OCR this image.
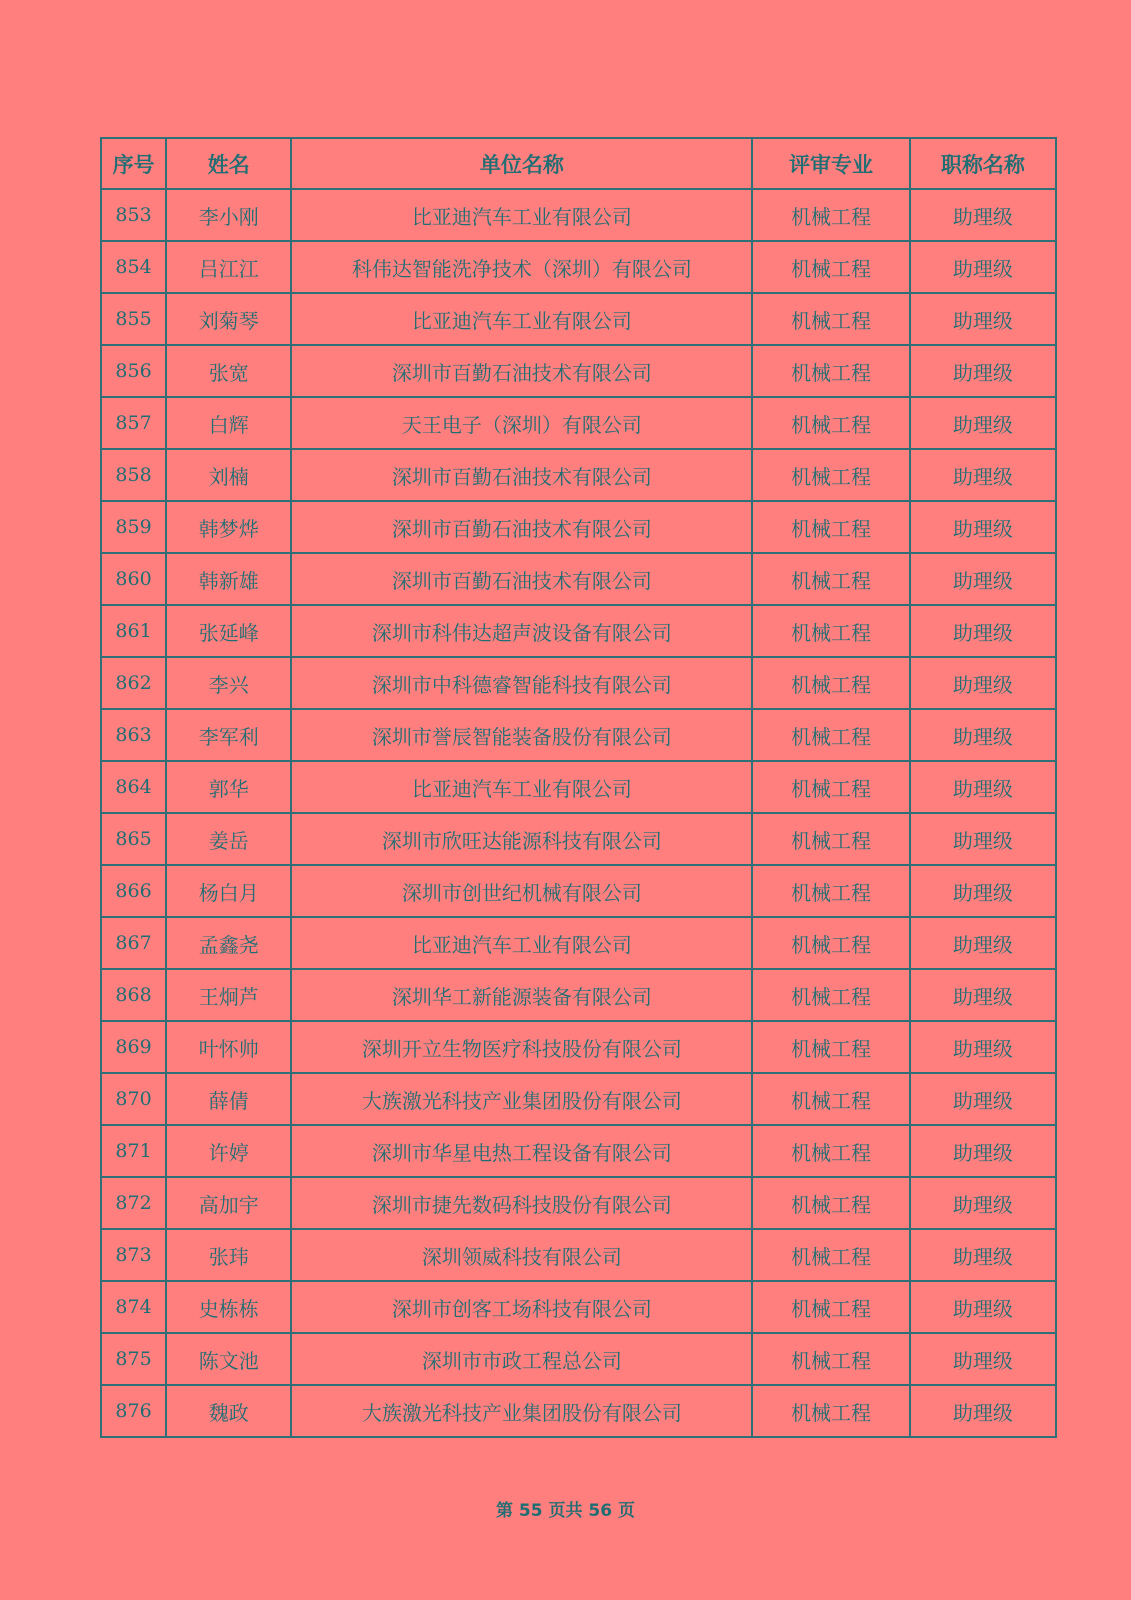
序号	姓名	单位名称	评审专业	职称名称
853	李小刚	比亚迪汽车工业有限公司	机械工程	助理级
854	吕江江	科伟达智能洗净技术（深圳）有限公司	机械工程	助理级
855	刘菊琴	比亚迪汽车工业有限公司	机械工程	助理级
856	张宽	深圳市百勤石油技术有限公司	机械工程	助理级
857	白辉	天王电子（深圳）有限公司	机械工程	助理级
858	刘楠	深圳市百勤石油技术有限公司	机械工程	助理级
859	韩梦烨	深圳市百勤石油技术有限公司	机械工程	助理级
860	韩新雄	深圳市百勤石油技术有限公司	机械工程	助理级
861	张延峰	深圳市科伟达超声波设备有限公司	机械工程	助理级
862	李兴	深圳市中科德睿智能科技有限公司	机械工程	助理级
863	李军利	深圳市誉辰智能装备股份有限公司	机械工程	助理级
864	郭华	比亚迪汽车工业有限公司	机械工程	助理级
865	姜岳	深圳市欣旺达能源科技有限公司	机械工程	助理级
866	杨白月	深圳市创世纪机械有限公司	机械工程	助理级
867	孟鑫尧	比亚迪汽车工业有限公司	机械工程	助理级
868	王炯芦	深圳华工新能源装备有限公司	机械工程	助理级
869	叶怀帅	深圳开立生物医疗科技股份有限公司	机械工程	助理级
870	薛倩	大族激光科技产业集团股份有限公司	机械工程	助理级
871	许婷	深圳市华星电热工程设备有限公司	机械工程	助理级
872	高加宇	深圳市捷先数码科技股份有限公司	机械工程	助理级
873	张玮	深圳领威科技有限公司	机械工程	助理级
874	史栋栋	深圳市创客工场科技有限公司	机械工程	助理级
875	陈文池	深圳市市政工程总公司	机械工程	助理级
876	魏政	大族激光科技产业集团股份有限公司	机械工程	助理级
第 55 页共 56 页
